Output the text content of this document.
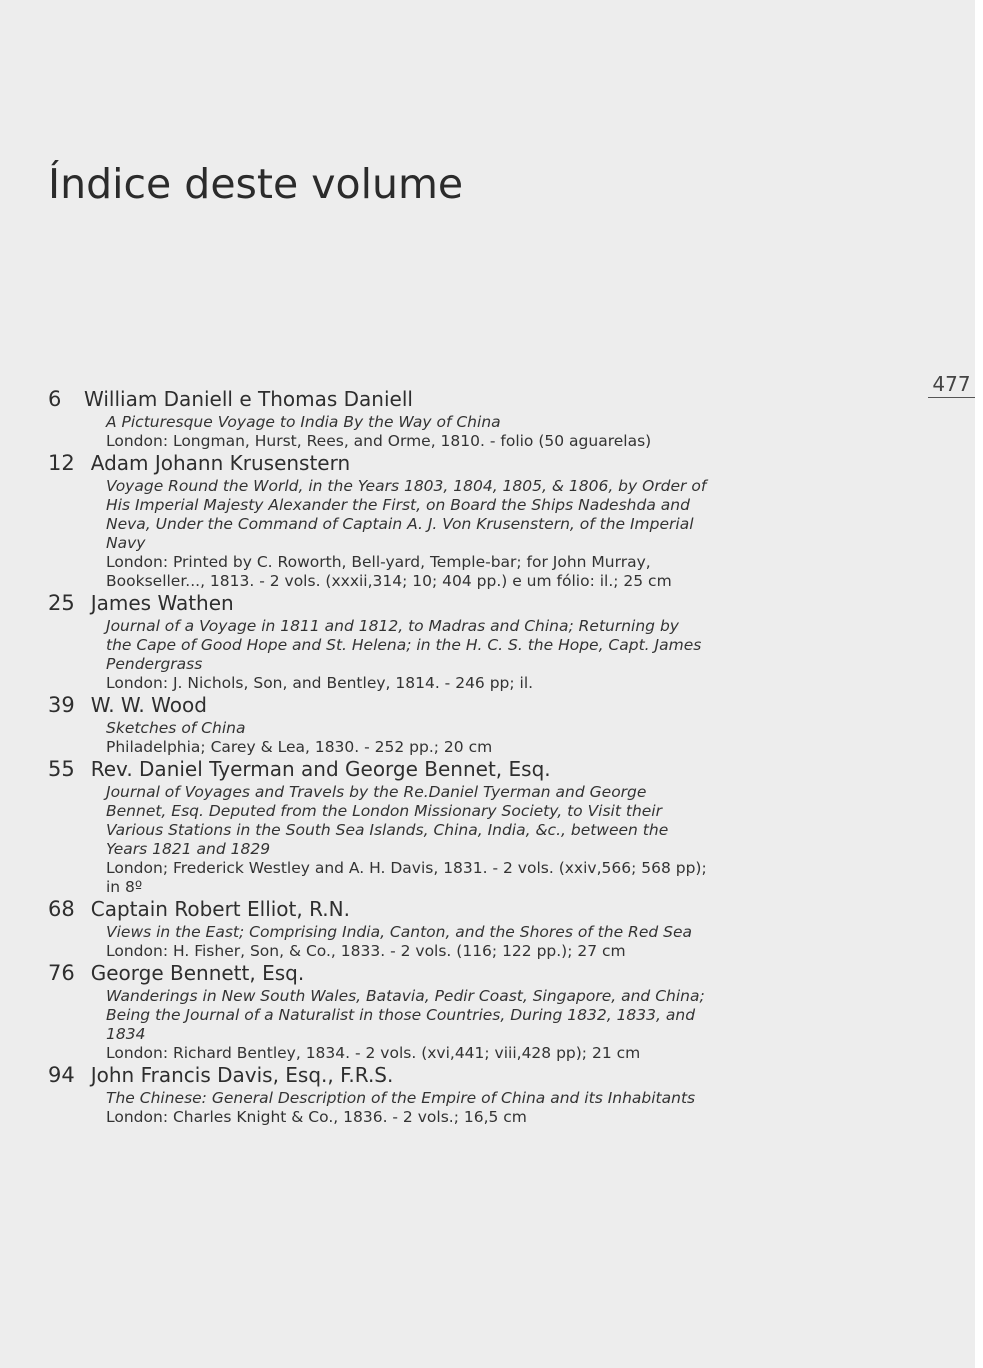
Índice deste volume
477
6	William Daniell e Thomas Daniell
A Picturesque Voyage to India By the Way of China
London: Longman, Hurst, Rees, and Orme, 1810. - folio (50 aguarelas)
12 Adam Johann Krusenstern
Voyage Round the World, in the Years 1803, 1804, 1805, & 1806, by Order of His Imperial Majesty Alexander the First, on Board the Ships Nadeshda and Neva, Under the Command of Captain A. J. Von Krusenstern, of the Imperial Navy
London: Printed by C. Roworth, Bell-yard, Temple-bar; for John Murray, Bookseller..., 1813. - 2 vols. (xxxii,314; 10; 404 pp.) e um fólio: il.; 25 cm
25 James Wathen
Journal of a Voyage in 1811 and 1812, to Madras and China; Returning by the Cape of Good Hope and St. Helena; in the H. C. S. the Hope, Capt. James Pendergrass
London: J. Nichols, Son, and Bentley, 1814. - 246 pp; il.
39 W. W. Wood
Sketches of China
Philadelphia; Carey & Lea, 1830. - 252 pp.; 20 cm
55 Rev. Daniel Tyerman and George Bennet, Esq.
Journal of Voyages and Travels by the Re.Daniel Tyerman and George Bennet, Esq. Deputed from the London Missionary Society, to Visit their Various Stations in the South Sea Islands, China, India, &c., between the Years 1821 and 1829
London; Frederick Westley and A. H. Davis, 1831. - 2 vols. (xxiv,566; 568 pp); in 8º
68 Captain Robert Elliot, R.N.
Views in the East; Comprising India, Canton, and the Shores of the Red Sea
London: H. Fisher, Son, & Co., 1833. - 2 vols. (116; 122 pp.); 27 cm
76 George Bennett, Esq.
Wanderings in New South Wales, Batavia, Pedir Coast, Singapore, and China; Being the Journal of a Naturalist in those Countries, During 1832, 1833, and 1834
London: Richard Bentley, 1834. - 2 vols. (xvi,441; viii,428 pp); 21 cm
94 John Francis Davis, Esq., F.R.S.
The Chinese: General Description of the Empire of China and its Inhabitants
London: Charles Knight & Co., 1836. - 2 vols.; 16,5 cm
